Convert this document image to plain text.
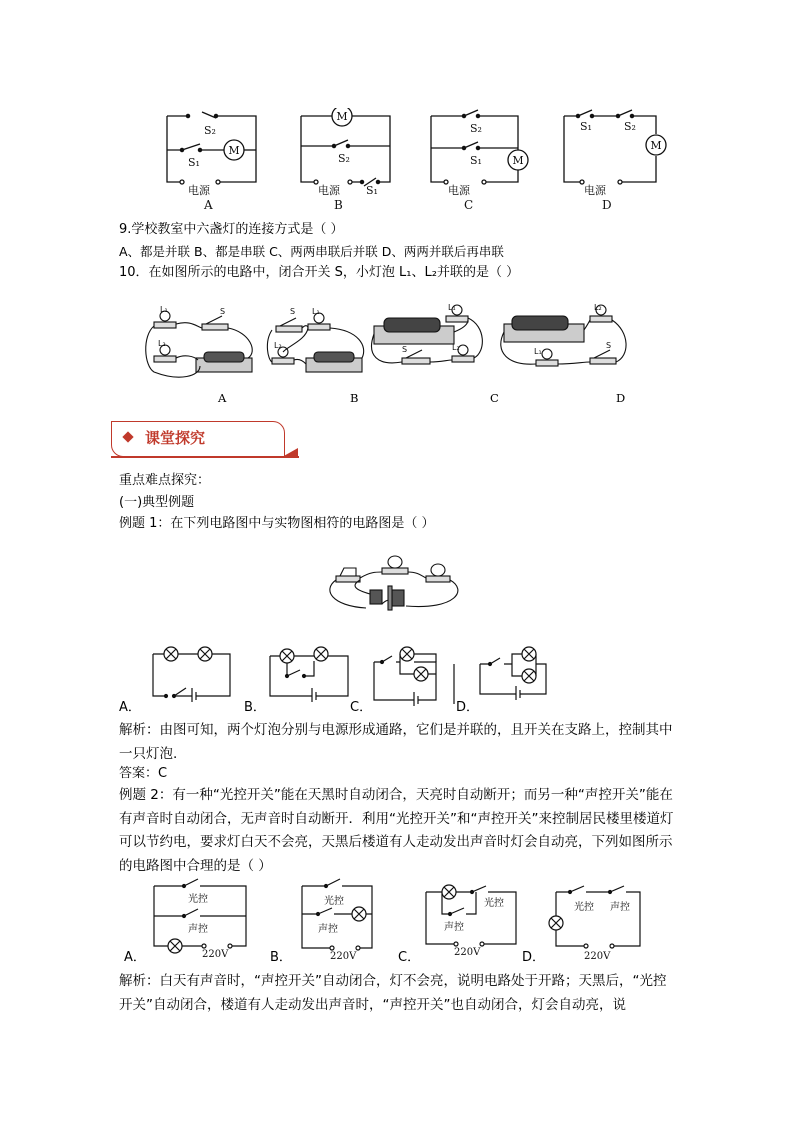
M
S₂
S₁
电源
A
M
S₂
S₁
电源
B
M
S₂
S₁
电源
C
M
S₁	S₂
电源
D
9.学校教室中六盏灯的连接方式是（ ）
A、都是并联 B、都是串联 C、两两串联后并联 D、两两并联后再串联
10．在如图所示的电路中，闭合开关 S，小灯泡 L₁、L₂并联的是（ ）
L₁
L₂
S	L₁
S
L₂
L₁
S	L₂
L₂
L₁
S
A	B	C	D
课堂探究
重点难点探究：
(一)典型例题
例题 1：在下列电路图中与实物图相符的电路图是（ ）
A．	B．	C．	D．
解析：由图可知，两个灯泡分别与电源形成通路，它们是并联的，且开关在支路上，控制其中一只灯泡.
答案：C
例题 2：有一种“光控开关”能在天黑时自动闭合，天亮时自动断开；而另一种“声控开关”能在有声音时自动闭合，无声音时自动断开．利用“光控开关”和“声控开关”来控制居民楼里楼道灯可以节约电，要求灯白天不会亮，天黑后楼道有人走动发出声音时灯会自动亮，下列如图所示的电路图中合理的是（ ）
光控
声控
220V
光控
声控
220V
光控
声控
220V
光控 声控
220V
A．	B．	C．	D．
解析：白天有声音时，“声控开关”自动闭合，灯不会亮，说明电路处于开路；天黑后，“光控开关”自动闭合，楼道有人走动发出声音时，“声控开关”也自动闭合，灯会自动亮，说
